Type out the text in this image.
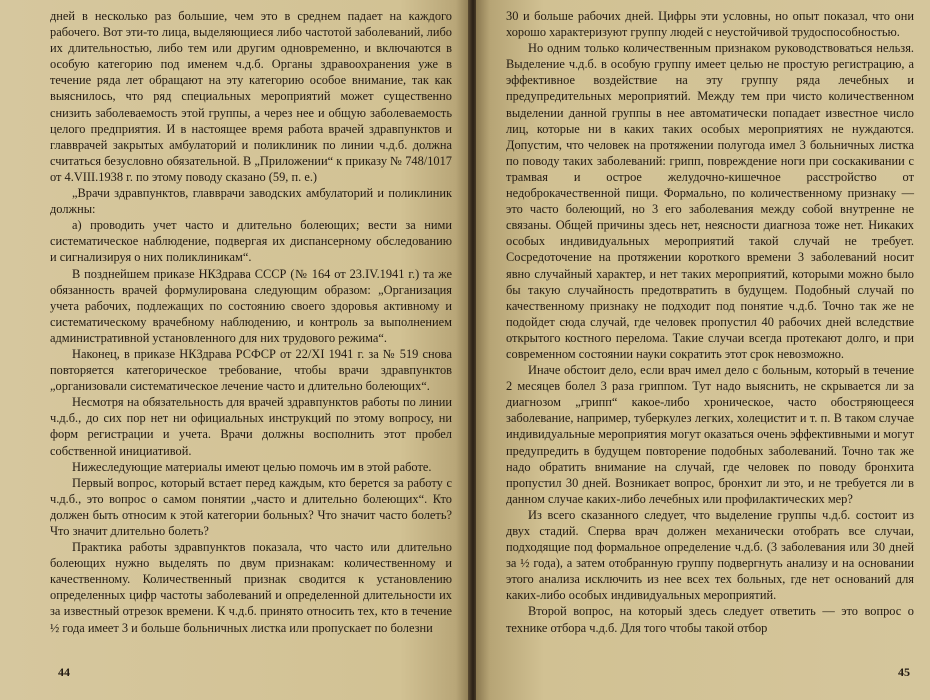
дней в несколько раз большие, чем это в среднем падает на каждого рабочего. Вот эти-то лица, выделяющиеся либо частотой заболеваний, либо их длительностью, либо тем или другим одновременно, и включаются в особую категорию под именем ч.д.б. Органы здравоохранения уже в течение ряда лет обращают на эту категорию особое внимание, так как выяснилось, что ряд специальных мероприятий может существенно снизить заболеваемость этой группы, а через нее и общую заболеваемость целого предприятия. И в настоящее время работа врачей здравпунктов и главврачей закрытых амбулаторий и поликлиник по линии ч.д.б. должна считаться безусловно обязательной. В „Приложении“ к приказу № 748/1017 от 4.VIII.1938 г. по этому поводу сказано (59, п. е.)

„Врачи здравпунктов, главврачи заводских амбулаторий и поликлиник должны:

а) проводить учет часто и длительно болеющих; вести за ними систематическое наблюдение, подвергая их диспансерному обследованию и сигнализируя о них поликлиникам“.

В позднейшем приказе НКЗдрава СССР (№ 164 от 23.IV.1941 г.) та же обязанность врачей формулирована следующим образом: „Организация учета рабочих, подлежащих по состоянию своего здоровья активному и систематическому врачебному наблюдению, и контроль за выполнением административной установленного для них трудового режима“.

Наконец, в приказе НКЗдрава РСФСР от 22/XI 1941 г. за № 519 снова повторяется категорическое требование, чтобы врачи здравпунктов „организовали систематическое лечение часто и длительно болеющих“.

Несмотря на обязательность для врачей здравпунктов работы по линии ч.д.б., до сих пор нет ни официальных инструкций по этому вопросу, ни форм регистрации и учета. Врачи должны восполнить этот пробел собственной инициативой.

Нижеследующие материалы имеют целью помочь им в этой работе.

Первый вопрос, который встает перед каждым, кто берется за работу с ч.д.б., это вопрос о самом понятии „часто и длительно болеющих“. Кто должен быть относим к этой категории больных? Что значит часто болеть? Что значит длительно болеть?

Практика работы здравпунктов показала, что часто или длительно болеющих нужно выделять по двум признакам: количественному и качественному. Количественный признак сводится к установлению определенных цифр частоты заболеваний и определенной длительности их за известный отрезок времени. К ч.д.б. принято относить тех, кто в течение ½ года имеет 3 и больше больничных листка или пропускает по болезни

44

30 и больше рабочих дней. Цифры эти условны, но опыт показал, что они хорошо характеризуют группу людей с неустойчивой трудоспособностью.

Но одним только количественным признаком руководствоваться нельзя. Выделение ч.д.б. в особую группу имеет целью не простую регистрацию, а эффективное воздействие на эту группу ряда лечебных и предупредительных мероприятий. Между тем при чисто количественном выделении данной группы в нее автоматически попадает известное число лиц, которые ни в каких таких особых мероприятиях не нуждаются. Допустим, что человек на протяжении полугода имел 3 больничных листка по поводу таких заболеваний: грипп, повреждение ноги при соскакивании с трамвая и острое желудочно-кишечное расстройство от недоброкачественной пищи. Формально, по количественному признаку — это часто болеющий, но 3 его заболевания между собой внутренне не связаны. Общей причины здесь нет, неясности диагноза тоже нет. Никаких особых индивидуальных мероприятий такой случай не требует. Сосредоточение на протяжении короткого времени 3 заболеваний носит явно случайный характер, и нет таких мероприятий, которыми можно было бы такую случайность предотвратить в будущем. Подобный случай по качественному признаку не подходит под понятие ч.д.б. Точно так же не подойдет сюда случай, где человек пропустил 40 рабочих дней вследствие открытого костного перелома. Такие случаи всегда протекают долго, и при современном состоянии науки сократить этот срок невозможно.

Иначе обстоит дело, если врач имел дело с больным, который в течение 2 месяцев болел 3 раза гриппом. Тут надо выяснить, не скрывается ли за диагнозом „грипп“ какое-либо хроническое, часто обостряющееся заболевание, например, туберкулез легких, холецистит и т. п. В таком случае индивидуальные мероприятия могут оказаться очень эффективными и могут предупредить в будущем повторение подобных заболеваний. Точно так же надо обратить внимание на случай, где человек по поводу бронхита пропустил 30 дней. Возникает вопрос, бронхит ли это, и не требуется ли в данном случае каких-либо лечебных или профилактических мер?

Из всего сказанного следует, что выделение группы ч.д.б. состоит из двух стадий. Сперва врач должен механически отобрать все случаи, подходящие под формальное определение ч.д.б. (3 заболевания или 30 дней за ½ года), а затем отобранную группу подвергнуть анализу и на основании этого анализа исключить из нее всех тех больных, где нет оснований для каких-либо особых индивидуальных мероприятий.

Второй вопрос, на который здесь следует ответить — это вопрос о технике отбора ч.д.б. Для того чтобы такой отбор

45
